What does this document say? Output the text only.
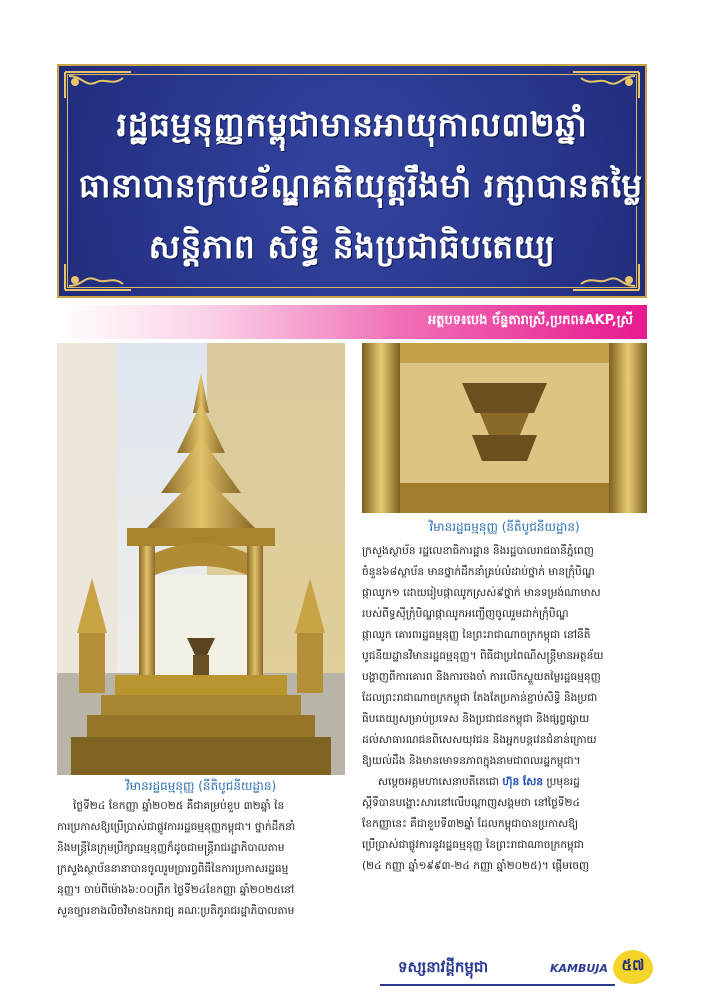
រដ្ឋធម្មនុញ្ញកម្ពុជាមានអាយុកាល៣២ឆ្នាំ
ធានាបានក្របខ័ណ្ឌគតិយុត្តរឹងមាំ រក្សាបានតម្លៃ
សន្តិភាព សិទ្ធិ និងប្រជាធិបតេយ្យ
អត្ថបទ៖បេង ច័ន្ទតារាស្រី,ប្រភព៖AKP,ស្រី
វិមានរដ្ឋធម្មនុញ្ញ (នីតិបូជនីយដ្ឋាន)
វិមានរដ្ឋធម្មនុញ្ញ (នីតិបូជនីយដ្ឋាន)
ថ្ងៃទី២៤ ខែកញ្ញា ឆ្នាំ២០២៥ គឺជាគម្រប់ខួប ៣២ឆ្នាំ នៃ
ការប្រកាសឱ្យប្រើប្រាស់ជាផ្លូវការរដ្ឋធម្មនុញ្ញកម្ពុជា។ ថ្នាក់ដឹកនាំ
និងមន្ត្រីនៃក្រុមប្រឹក្សាធម្មនុញ្ញក៏ដូចជាមន្ត្រីរាជរដ្ឋាភិបាលតាម
ក្រសួងស្ថាប័ននានាបានចូលរួមប្រារព្ធពិធីនៃការប្រកាសរដ្ឋធម្ម
នុញ្ញ។ ចាប់ពីម៉ោង៦:០០ព្រឹក ថ្ងៃទី២៤ខែកញ្ញា ឆ្នាំ២០២៥នៅ
សួនច្បារខាងលិចវិមានឯករាជ្យ គណៈប្រតិភូរាជរដ្ឋាភិបាលតាម
ក្រសួងស្ថាប័ន រដ្ឋលេខាធិការដ្ឋាន និងរដ្ឋបាលរាជធានីភ្នំពេញ
ចំនួន៦៨ស្ថាប័ន មានថ្នាក់ដឹកនាំគ្រប់លំដាប់ថ្នាក់ មានក្រុំបិណ្ឌ
ផ្កាឈូក១ ដោយរៀបផ្កាឈូកស្រស់៩ថ្នាក់ មានទម្រង់ណាមាស
របស់ពីទ្ធស៊ីក្រុំបិណ្ឌផ្កាឈូកអញ្ជើញចូលរួមដាក់ក្រុំបិណ្ឌ
ផ្កាឈូក គោរពរដ្ឋធម្មនុញ្ញ នៃព្រះរាជាណាចក្រកម្ពុជា នៅនីតិ
បូជនីយដ្ឋានវិមានរដ្ឋធម្មនុញ្ញ។ ពិធីជាប្រពៃណីសន្ត្រីមានអត្ថន័យ
បង្ហាញពីការគោរព និងការចងចាំ ការលើកស្ទួយតម្លៃរដ្ឋធម្មនុញ្ញ
ដែលព្រះរាជាណាចក្រកម្ពុជា តែងតែប្រកាន់ខ្ជាប់សិទ្ធិ និងប្រជា
ធិបតេយ្យសម្រាប់ប្រទេស និងប្រជាជនកម្ពុជា និងផ្សព្វផ្សាយ
ដល់សាធារណជនពិសេសយុវជន និងអ្នកបន្តវេនជំនាន់ក្រោយ
ឱ្យយល់ដឹង និងមានមោទនភាពក្នុងនាមជាពលរដ្ឋកម្ពុជា។
សម្តេចអគ្គមហាសេនាបតីតេជោ ហ៊ុន សែន ប្រមុខរដ្ឋ
ស្តីទីបានបង្ហោះសារនៅលើបណ្តាញសង្គមថា នៅថ្ងៃទី២៤
ខែកញ្ញានេះ គឺជាខួបទី៣២ឆ្នាំ ដែលកម្ពុជាបានប្រកាសឱ្យ
ប្រើប្រាស់ជាផ្លូវការនូវរដ្ឋធម្មនុញ្ញ នៃព្រះរាជាណាចក្រកម្ពុជា
(២៤ កញ្ញា ឆ្នាំ១៩៩៣-២៤ កញ្ញា ឆ្នាំ២០២៥)។ ផ្តើមចេញ
ទស្សនាវដ្តីកម្ពុជា	KAMBUJA ៥៧
